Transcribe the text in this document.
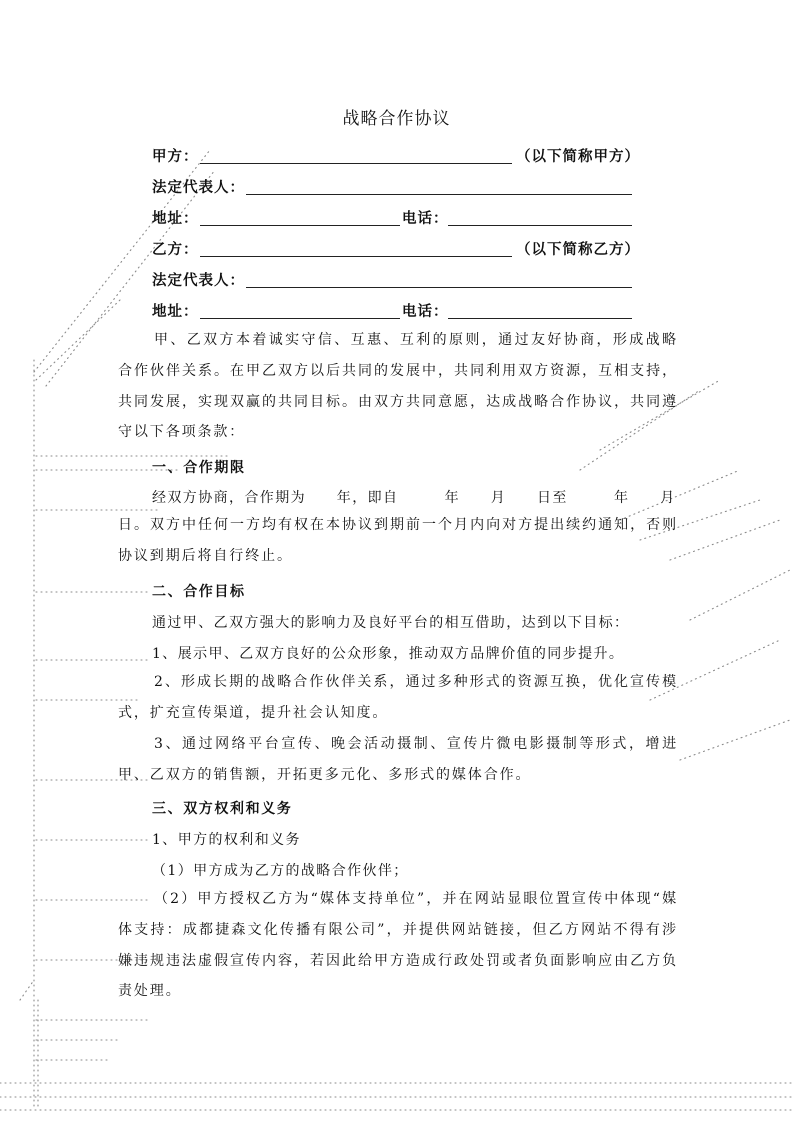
战略合作协议
甲方：	（以下简称甲方）
法定代表人：
地址：	电话：
乙方：	（以下简称乙方）
法定代表人：
地址：	电话：
甲、乙双方本着诚实守信、互惠、互利的原则，通过友好协商，形成战略合作伙伴关系。在甲乙双方以后共同的发展中，共同利用双方资源，互相支持，共同发展，实现双赢的共同目标。由双方共同意愿，达成战略合作协议，共同遵守以下各项条款：
一、合作期限
经双方协商，合作期为　　年，即自　　　年　　月　　日至　　　年　　月
日。双方中任何一方均有权在本协议到期前一个月内向对方提出续约通知，否则协议到期后将自行终止。
二、合作目标
通过甲、乙双方强大的影响力及良好平台的相互借助，达到以下目标：
1、展示甲、乙双方良好的公众形象，推动双方品牌价值的同步提升。
2、形成长期的战略合作伙伴关系，通过多种形式的资源互换，优化宣传模式，扩充宣传渠道，提升社会认知度。
3、通过网络平台宣传、晚会活动摄制、宣传片微电影摄制等形式，增进甲、乙双方的销售额，开拓更多元化、多形式的媒体合作。
三、双方权利和义务
1、甲方的权利和义务
（1）甲方成为乙方的战略合作伙伴；
（2）甲方授权乙方为“媒体支持单位”，并在网站显眼位置宣传中体现“媒体支持：成都捷森文化传播有限公司”，并提供网站链接，但乙方网站不得有涉嫌违规违法虚假宣传内容，若因此给甲方造成行政处罚或者负面影响应由乙方负责处理。
